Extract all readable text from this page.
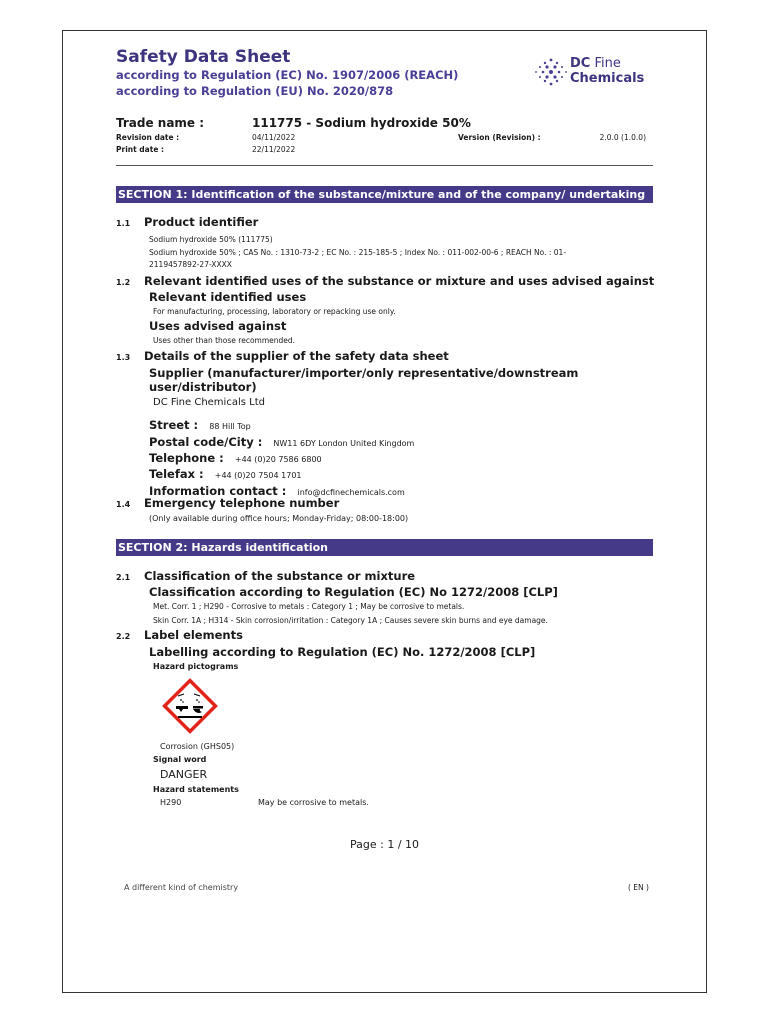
Safety Data Sheet
according to Regulation (EC) No. 1907/2006 (REACH)
according to Regulation (EU) No. 2020/878
DC Fine
Chemicals
Trade name :	111775 - Sodium hydroxide 50%
Revision date :	04/11/2022
Print date :	22/11/2022
Version (Revision) :	2.0.0 (1.0.0)
SECTION 1: Identification of the substance/mixture and of the company/ undertaking
1.1 Product identifier
Sodium hydroxide 50% (111775)
Sodium hydroxide 50% ; CAS No. : 1310-73-2 ; EC No. : 215-185-5 ; Index No. : 011-002-00-6 ; REACH No. : 01-
2119457892-27-XXXX
1.2 Relevant identified uses of the substance or mixture and uses advised against
Relevant identified uses
For manufacturing, processing, laboratory or repacking use only.
Uses advised against
Uses other than those recommended.
1.3 Details of the supplier of the safety data sheet
Supplier (manufacturer/importer/only representative/downstream
user/distributor)
DC Fine Chemicals Ltd
Street : 88 Hill Top
Postal code/City : NW11 6DY London United Kingdom
Telephone : +44 (0)20 7586 6800
Telefax : +44 (0)20 7504 1701
Information contact : info@dcfinechemicals.com
1.4 Emergency telephone number
(Only available during office hours; Monday-Friday; 08:00-18:00)
SECTION 2: Hazards identification
2.1 Classification of the substance or mixture
Classification according to Regulation (EC) No 1272/2008 [CLP]
Met. Corr. 1 ; H290 - Corrosive to metals : Category 1 ; May be corrosive to metals.
Skin Corr. 1A ; H314 - Skin corrosion/irritation : Category 1A ; Causes severe skin burns and eye damage.
2.2 Label elements
Labelling according to Regulation (EC) No. 1272/2008 [CLP]
Hazard pictograms
Corrosion (GHS05)
Signal word
DANGER
Hazard statements
H290	May be corrosive to metals.
Page : 1 / 10
A different kind of chemistry	( EN )
